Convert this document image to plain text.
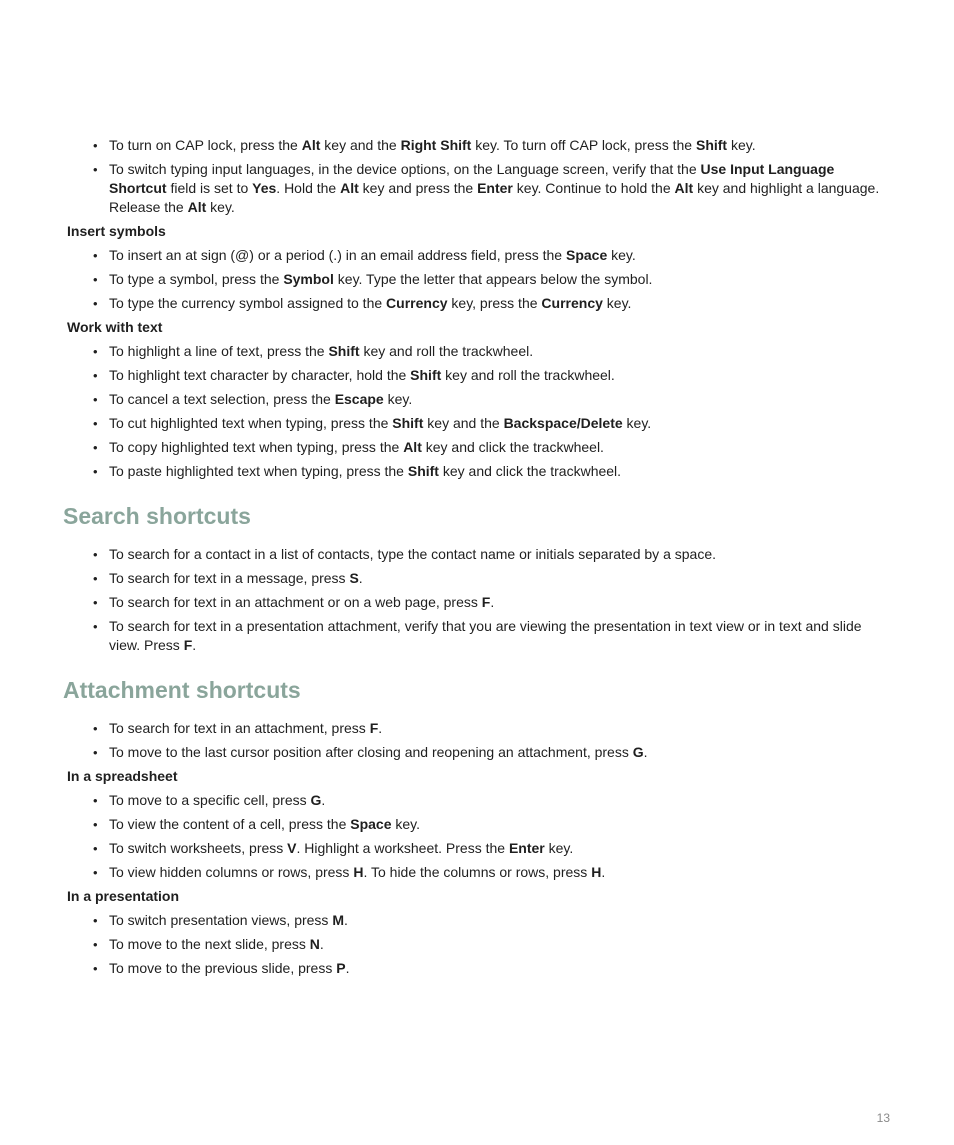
• To turn on CAP lock, press the Alt key and the Right Shift key. To turn off CAP lock, press the Shift key.
• To switch typing input languages, in the device options, on the Language screen, verify that the Use Input Language Shortcut field is set to Yes. Hold the Alt key and press the Enter key. Continue to hold the Alt key and highlight a language. Release the Alt key.
Insert symbols
• To insert an at sign (@) or a period (.) in an email address field, press the Space key.
• To type a symbol, press the Symbol key. Type the letter that appears below the symbol.
• To type the currency symbol assigned to the Currency key, press the Currency key.
Work with text
• To highlight a line of text, press the Shift key and roll the trackwheel.
• To highlight text character by character, hold the Shift key and roll the trackwheel.
• To cancel a text selection, press the Escape key.
• To cut highlighted text when typing, press the Shift key and the Backspace/Delete key.
• To copy highlighted text when typing, press the Alt key and click the trackwheel.
• To paste highlighted text when typing, press the Shift key and click the trackwheel.
Search shortcuts
• To search for a contact in a list of contacts, type the contact name or initials separated by a space.
• To search for text in a message, press S.
• To search for text in an attachment or on a web page, press F.
• To search for text in a presentation attachment, verify that you are viewing the presentation in text view or in text and slide view. Press F.
Attachment shortcuts
• To search for text in an attachment, press F.
• To move to the last cursor position after closing and reopening an attachment, press G.
In a spreadsheet
• To move to a specific cell, press G.
• To view the content of a cell, press the Space key.
• To switch worksheets, press V. Highlight a worksheet. Press the Enter key.
• To view hidden columns or rows, press H. To hide the columns or rows, press H.
In a presentation
• To switch presentation views, press M.
• To move to the next slide, press N.
• To move to the previous slide, press P.
13
